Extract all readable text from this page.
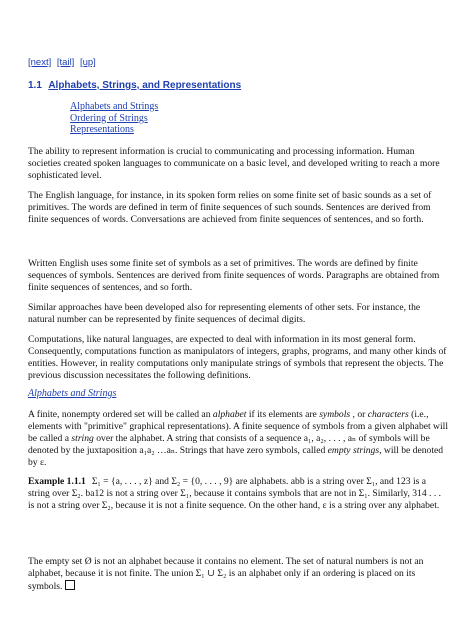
[next] [tail] [up]
1.1 Alphabets, Strings, and Representations
Alphabets and Strings
Ordering of Strings
Representations

The ability to represent information is crucial to communicating and processing information. Human societies created spoken languages to communicate on a basic level, and developed writing to reach a more sophisticated level.

The English language, for instance, in its spoken form relies on some finite set of basic sounds as a set of primitives. The words are defined in term of finite sequences of such sounds. Sentences are derived from finite sequences of words. Conversations are achieved from finite sequences of sentences, and so forth.

Written English uses some finite set of symbols as a set of primitives. The words are defined by finite sequences of symbols. Sentences are derived from finite sequences of words. Paragraphs are obtained from finite sequences of sentences, and so forth.

Similar approaches have been developed also for representing elements of other sets. For instance, the natural number can be represented by finite sequences of decimal digits.

Computations, like natural languages, are expected to deal with information in its most general form. Consequently, computations function as manipulators of integers, graphs, programs, and many other kinds of entities. However, in reality computations only manipulate strings of symbols that represent the objects. The previous discussion necessitates the following definitions.

Alphabets and Strings

A finite, nonempty ordered set will be called an alphabet if its elements are symbols , or characters (i.e., elements with "primitive" graphical representations). A finite sequence of symbols from a given alphabet will be called a string over the alphabet. A string that consists of a sequence a₁, a₂, . . . , aₙ of symbols will be denoted by the juxtaposition a₁a₂ …aₙ. Strings that have zero symbols, called empty strings, will be denoted by ε.

Example 1.1.1 Σ₁ = {a, . . . , z} and Σ₂ = {0, . . . , 9} are alphabets. abb is a string over Σ₁, and 123 is a string over Σ₂. ba12 is not a string over Σ₁, because it contains symbols that are not in Σ₁. Similarly, 314 . . . is not a string over Σ₂, because it is not a finite sequence. On the other hand, ε is a string over any alphabet.

The empty set Ø is not an alphabet because it contains no element. The set of natural numbers is not an alphabet, because it is not finite. The union Σ₁ ∪ Σ₂ is an alphabet only if an ordering is placed on its symbols.
